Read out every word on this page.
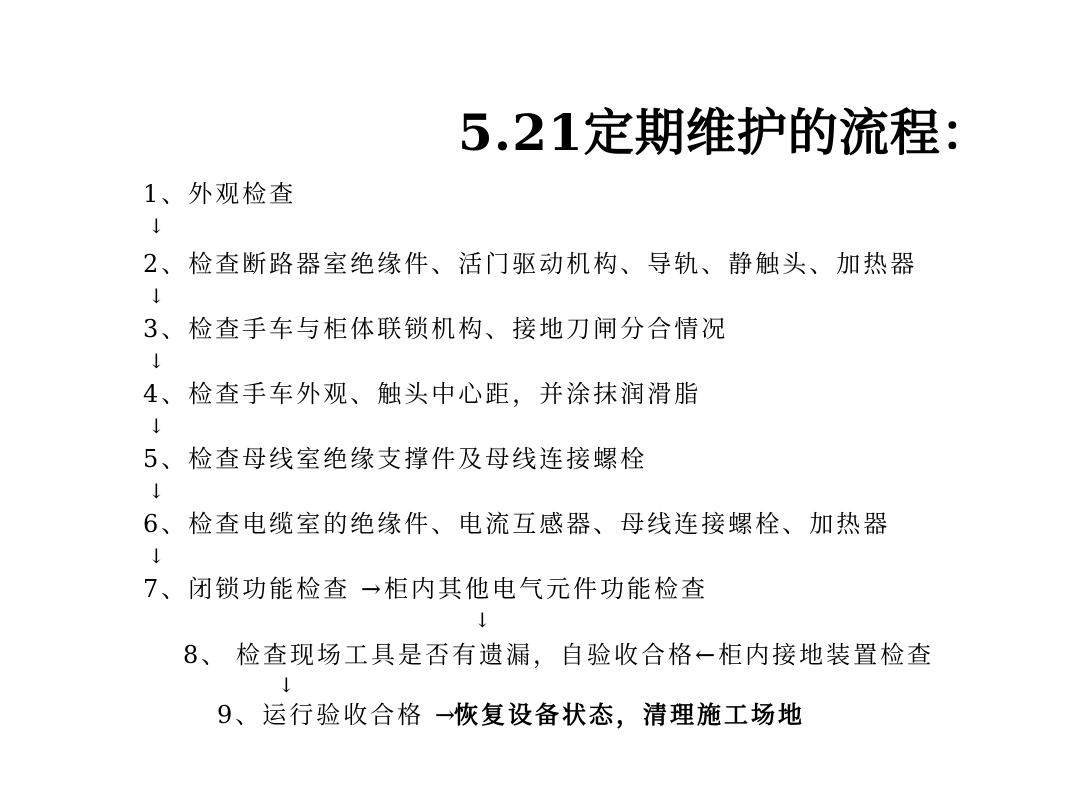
5.21定期维护的流程：
1、外观检查
↓
2、检查断路器室绝缘件、活门驱动机构、导轨、静触头、加热器
↓
3、检查手车与柜体联锁机构、接地刀闸分合情况
↓
4、检查手车外观、触头中心距，并涂抹润滑脂
↓
5、检查母线室绝缘支撑件及母线连接螺栓
↓
6、检查电缆室的绝缘件、电流互感器、母线连接螺栓、加热器
↓
7、闭锁功能检查 →柜内其他电气元件功能检查
↓
8、 检查现场工具是否有遗漏，自验收合格←柜内接地装置检查
↓
9、运行验收合格 →
恢复设备状态，清理施工场地
